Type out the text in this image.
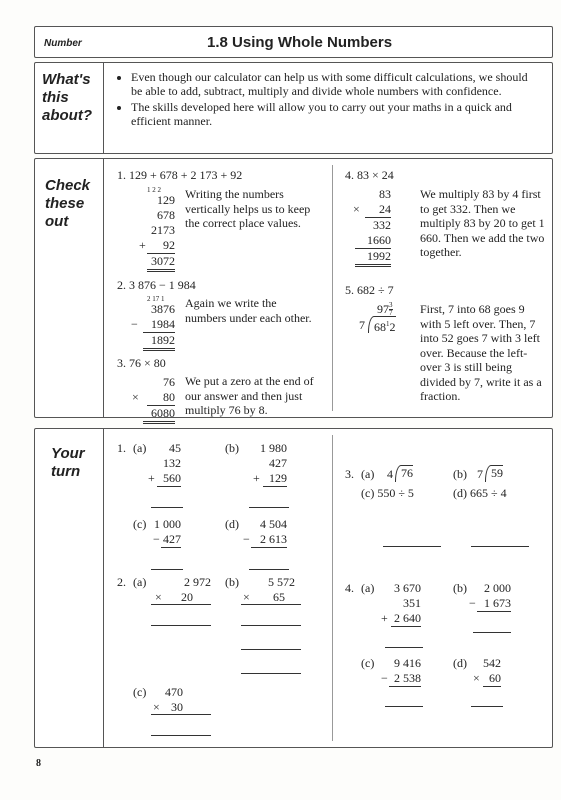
Number	1.8 Using Whole Numbers
What's
this
about?
• Even though our calculator can help us with some difficult calculations, we should be able to add, subtract, multiply and divide whole numbers with confidence.
• The skills developed here will allow you to carry out your maths in a quick and efficient manner.
Check
these
out
1. 129 + 678 + 2 173 + 92
1 2 2
129
678
2173
+	92
3072
Writing the numbers vertically helps us to keep the correct place values.
2. 3 876 − 1 984
2 17 1
3876
−	1984
1892
Again we write the numbers under each other.
3. 76 × 80
76
×	80
6080
We put a zero at the end of our answer and then just multiply 76 by 8.
4. 83 × 24
83
×	24
332
1660
1992
We multiply 83 by 4 first to get 332. Then we multiply 83 by 20 to get 1 660. Then we add the two together.
5. 682 ÷ 7
$97 \frac{3}{7}$
7 $68^12$
First, 7 into 68 goes 9 with 5 left over. Then, 7 into 52 goes 7 with 3 left over. Because the left-over 3 is still being divided by 7, write it as a fraction.
Your
turn
1. (a)	45
132
+ 560
(b)	1 980
427
+ 129
(c) 1 000
− 427
(d)	4 504
− 2 613
2. (a)	2 972
×	20
(b)	5 572
×	65
(c)	470
× 30
3. (a) 4 76	(b) 7 59
(c) 550 ÷ 5	(d) 665 ÷ 4
4. (a)	3 670
351
+ 2 640
(b)	2 000
− 1 673
(c)	9 416
− 2 538
(d)	542
× 60
8
